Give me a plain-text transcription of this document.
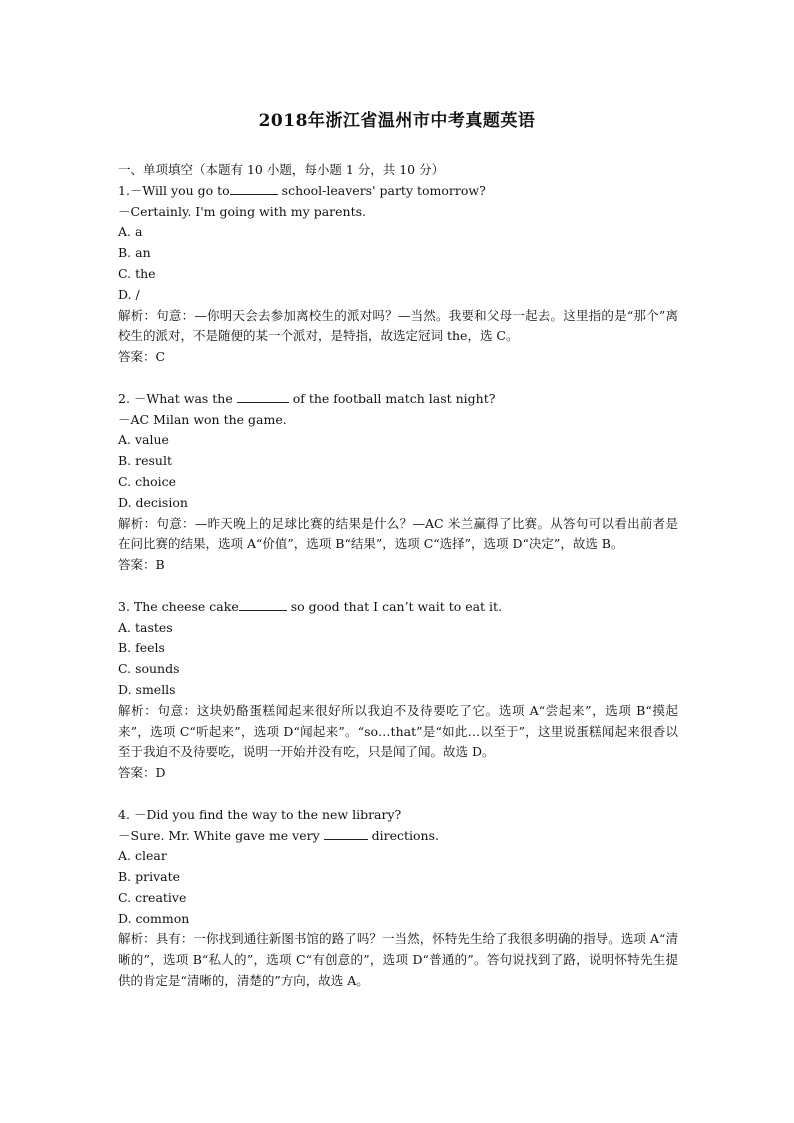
2018年浙江省温州市中考真题英语
一、单项填空（本题有 10 小题，每小题 1 分，共 10 分）
1.－Will you go to	school-leavers' party tomorrow?
－Certainly. I'm going with my parents.
A. a
B. an
C. the
D. /
解析：句意：—你明天会去参加离校生的派对吗？—当然。我要和父母一起去。这里指的是“那个”离校生的派对，不是随便的某一个派对，是特指，故选定冠词 the，选 C。
答案：C
2. －What was the	of the football match last night?
－AC Milan won the game.
A. value
B. result
C. choice
D. decision
解析：句意：—昨天晚上的足球比赛的结果是什么？—AC 米兰赢得了比赛。从答句可以看出前者是在问比赛的结果，选项 A“价值”，选项 B“结果”，选项 C“选择”，选项 D“决定”，故选 B。
答案：B
3. The cheese cake	so good that I can’t wait to eat it.
A. tastes
B. feels
C. sounds
D. smells
解析：句意：这块奶酪蛋糕闻起来很好所以我迫不及待要吃了它。选项 A“尝起来”，选项 B“摸起来”，选项 C“听起来”，选项 D“闻起来”。“so…that”是“如此…以至于”，这里说蛋糕闻起来很香以至于我迫不及待要吃，说明一开始并没有吃，只是闻了闻。故选 D。
答案：D
4. －Did you find the way to the new library?
－Sure. Mr. White gave me very	directions.
A. clear
B. private
C. creative
D. common
解析：具有：一你找到通往新图书馆的路了吗？一当然，怀特先生给了我很多明确的指导。选项 A“清晰的”，选项 B“私人的”，选项 C“有创意的”，选项 D“普通的”。答句说找到了路，说明怀特先生提供的肯定是“清晰的，清楚的”方向，故选 A。
